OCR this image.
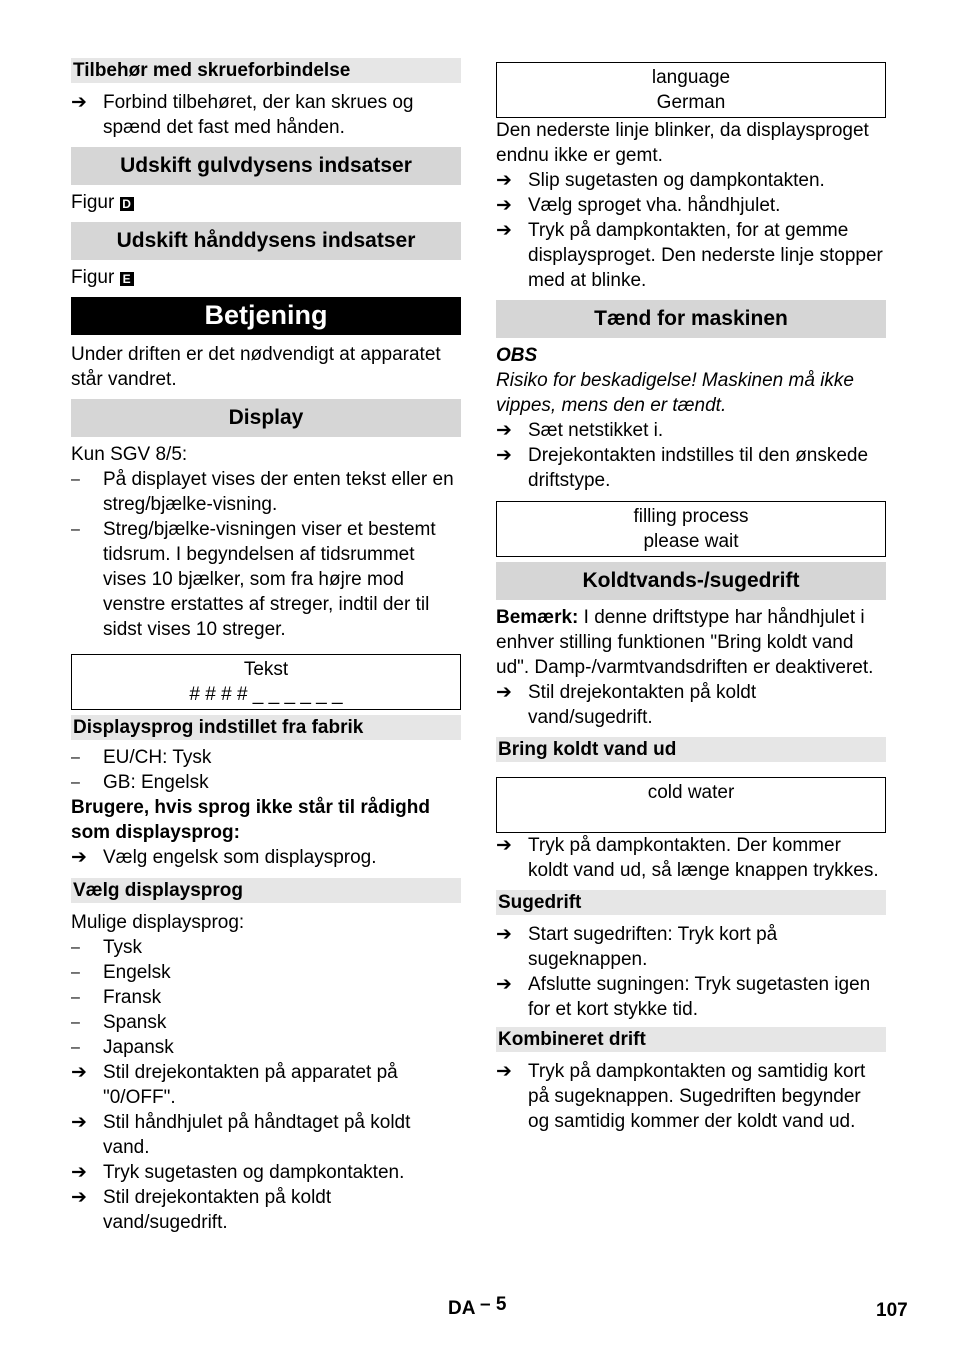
Tilbehør med skrueforbindelse
➔ Forbind tilbehøret, der kan skrues og spænd det fast med hånden.
Udskift gulvdysens indsatser
Figur D
Udskift hånddysens indsatser
Figur E
Betjening
Under driften er det nødvendigt at apparatet står vandret.
Display
Kun SGV 8/5:
–	På displayet vises der enten tekst eller en streg/bjælke-visning.
–	Streg/bjælke-visningen viser et bestemt tidsrum. I begyndelsen af tidsrummet vises 10 bjælker, som fra højre mod venstre erstattes af streger, indtil der til sidst vises 10 streger.
Tekst
# # # # _ _ _ _ _ _
Displaysprog indstillet fra fabrik
–	EU/CH: Tysk
–	GB: Engelsk
Brugere, hvis sprog ikke står til rådighd som displaysprog:
➔ Vælg engelsk som displaysprog.
Vælg displaysprog
Mulige displaysprog:
–	Tysk
–	Engelsk
–	Fransk
–	Spansk
–	Japansk
➔ Stil drejekontakten på apparatet på "0/OFF".
➔ Stil håndhjulet på håndtaget på koldt vand.
➔ Tryk sugetasten og dampkontakten.
➔ Stil drejekontakten på koldt vand/sugedrift.
language
German
Den nederste linje blinker, da displaysproget endnu ikke er gemt.
➔ Slip sugetasten og dampkontakten.
➔ Vælg sproget vha. håndhjulet.
➔ Tryk på dampkontakten, for at gemme displaysproget. Den nederste linje stopper med at blinke.
Tænd for maskinen
OBS
Risiko for beskadigelse! Maskinen må ikke vippes, mens den er tændt.
➔ Sæt netstikket i.
➔ Drejekontakten indstilles til den ønskede driftstype.
filling process
please wait
Koldtvands-/sugedrift
Bemærk: I denne driftstype har håndhjulet i enhver stilling funktionen "Bring koldt vand ud". Damp-/varmtvandsdriften er deaktiveret.
➔ Stil drejekontakten på koldt vand/sugedrift.
Bring koldt vand ud
cold water
➔ Tryk på dampkontakten. Der kommer koldt vand ud, så længe knappen trykkes.
Sugedrift
➔ Start sugedriften: Tryk kort på sugeknappen.
➔ Afslutte sugningen: Tryk sugetasten igen for et kort stykke tid.
Kombineret drift
➔ Tryk på dampkontakten og samtidig kort på sugeknappen. Sugedriften begynder og samtidig kommer der koldt vand ud.
DA – 5	107
